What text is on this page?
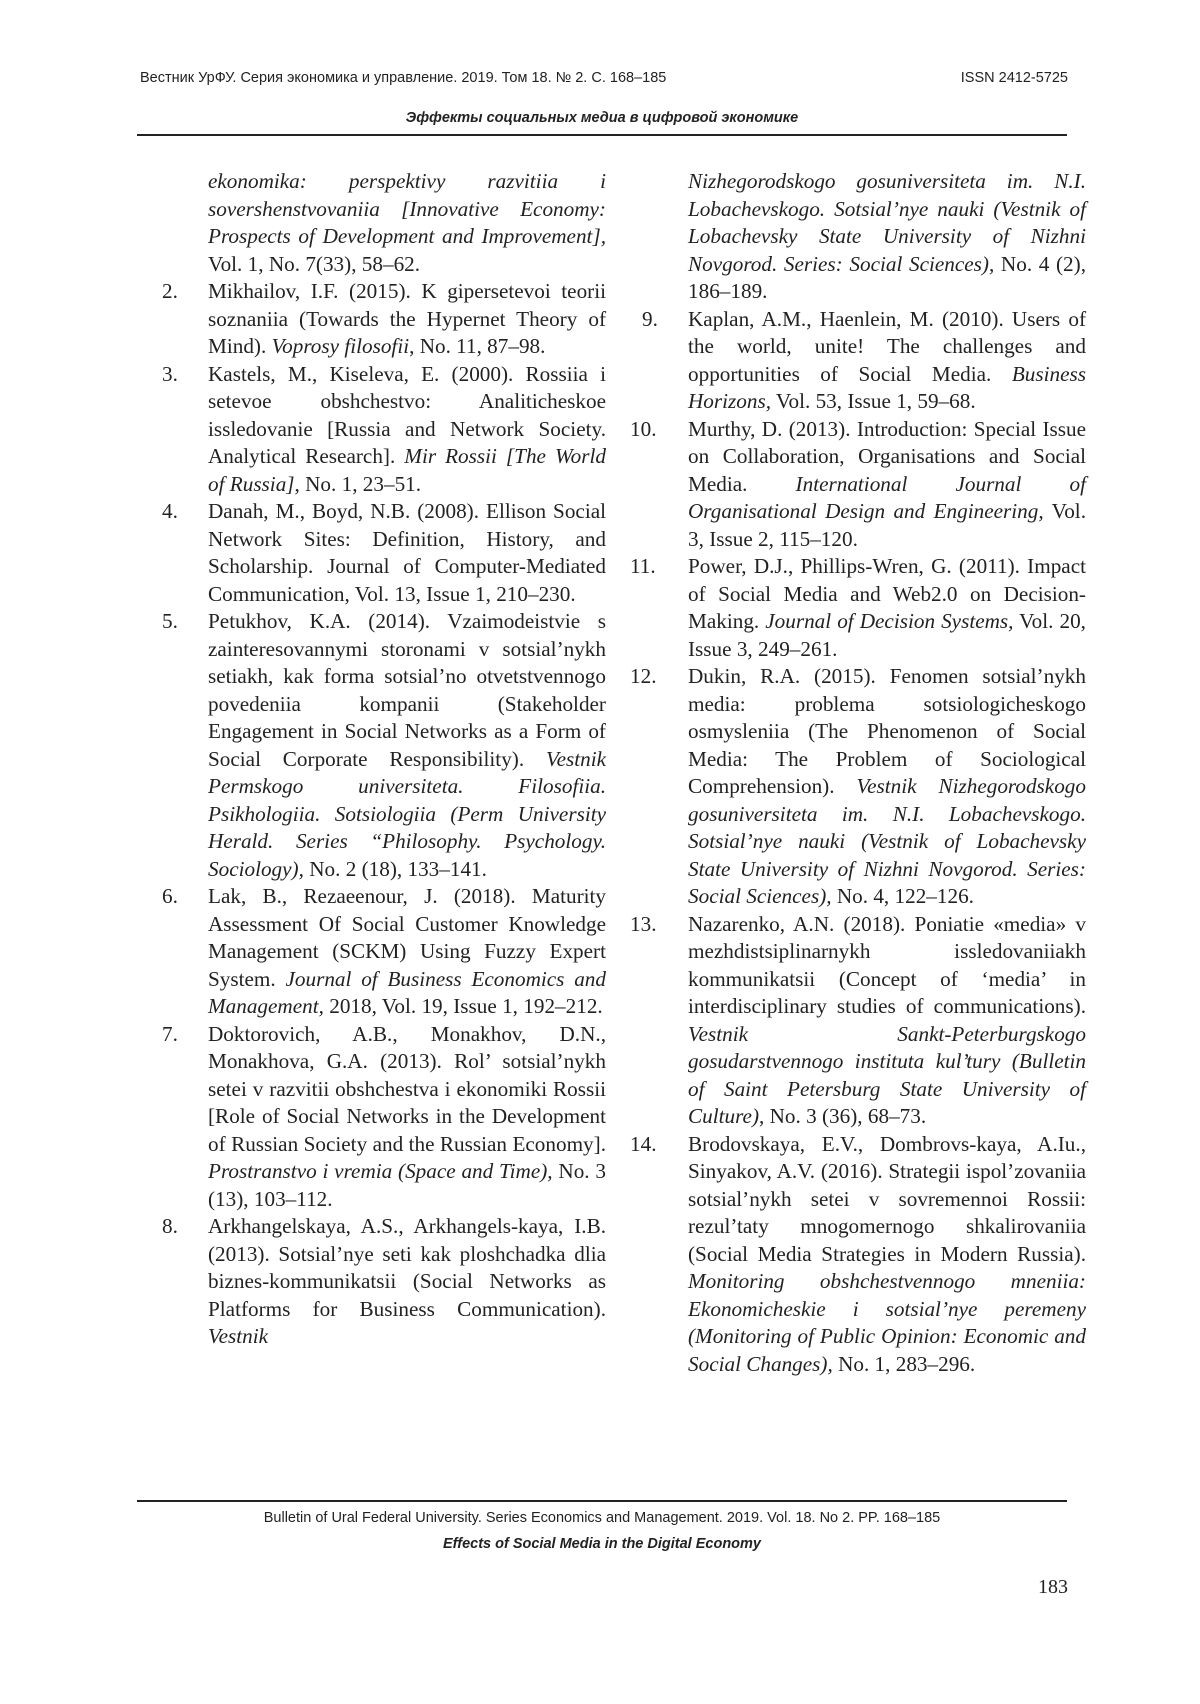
Вестник УрФУ. Серия экономика и управление. 2019. Том 18. № 2. С. 168–185	ISSN 2412-5725
Эффекты социальных медиа в цифровой экономике
ekonomika: perspektivy razvitiia i sovershenstvovaniia [Innovative Economy: Prospects of Development and Improvement], Vol. 1, No. 7(33), 58–62.
2. Mikhailov, I.F. (2015). K gipersetevoi teorii soznaniia (Towards the Hypernet Theory of Mind). Voprosy filosofii, No. 11, 87–98.
3. Kastels, M., Kiseleva, E. (2000). Rossiia i setevoe obshchestvo: Analiticheskoe issledovanie [Russia and Network Society. Analytical Research]. Mir Rossii [The World of Russia], No. 1, 23–51.
4. Danah, M., Boyd, N.B. (2008). Ellison Social Network Sites: Definition, History, and Scholarship. Journal of Computer-Mediated Communication, Vol. 13, Issue 1, 210–230.
5. Petukhov, K.A. (2014). Vzaimodeistvie s zainteresovannymi storonami v sotsial’nykh setiakh, kak forma sotsial’no otvetstvennogo povedeniia kompanii (Stakeholder Engagement in Social Networks as a Form of Social Corporate Responsibility). Vestnik Permskogo universiteta. Filosofiia. Psikhologiia. Sotsiologiia (Perm University Herald. Series “Philosophy. Psychology. Sociology), No. 2 (18), 133–141.
6. Lak, B., Rezaeenour, J. (2018). Maturity Assessment Of Social Customer Knowledge Management (SCKM) Using Fuzzy Expert System. Journal of Business Economics and Management, 2018, Vol. 19, Issue 1, 192–212.
7. Doktorovich, A.B., Monakhov, D.N., Monakhova, G.A. (2013). Rol’ sotsial’nykh setei v razvitii obshchestva i ekonomiki Rossii [Role of Social Networks in the Development of Russian Society and the Russian Economy]. Prostranstvo i vremia (Space and Time), No. 3 (13), 103–112.
8. Arkhangelskaya, A.S., Arkhangels-kaya, I.B. (2013). Sotsial’nye seti kak ploshchadka dlia biznes-kommunikatsii (Social Networks as Platforms for Business Communication). Vestnik
Nizhegorodskogo gosuniversiteta im. N.I. Lobachevskogo. Sotsial’nye nauki (Vestnik of Lobachevsky State University of Nizhni Novgorod. Series: Social Sciences), No. 4 (2), 186–189.
9. Kaplan, A.M., Haenlein, M. (2010). Users of the world, unite! The challenges and opportunities of Social Media. Business Horizons, Vol. 53, Issue 1, 59–68.
10. Murthy, D. (2013). Introduction: Special Issue on Collaboration, Organisations and Social Media. International Journal of Organisational Design and Engineering, Vol. 3, Issue 2, 115–120.
11. Power, D.J., Phillips-Wren, G. (2011). Impact of Social Media and Web2.0 on Decision-Making. Journal of Decision Systems, Vol. 20, Issue 3, 249–261.
12. Dukin, R.A. (2015). Fenomen sotsial’nykh media: problema sotsiologicheskogo osmysleniia (The Phenomenon of Social Media: The Problem of Sociological Comprehension). Vestnik Nizhegorodskogo gosuniversiteta im. N.I. Lobachevskogo. Sotsial’nye nauki (Vestnik of Lobachevsky State University of Nizhni Novgorod. Series: Social Sciences), No. 4, 122–126.
13. Nazarenko, A.N. (2018). Poniatie «media» v mezhdistsiplinarnykh issledovaniiakh kommunikatsii (Concept of ‘media’ in interdisciplinary studies of communications). Vestnik Sankt-Peterburgskogo gosudarstvennogo instituta kul’tury (Bulletin of Saint Petersburg State University of Culture), No. 3 (36), 68–73.
14. Brodovskaya, E.V., Dombrovs-kaya, A.Iu., Sinyakov, A.V. (2016). Strategii ispol’zovaniia sotsial’nykh setei v sovremennoi Rossii: rezul’taty mnogomernogo shkalirovaniia (Social Media Strategies in Modern Russia). Monitoring obshchestvennogo mneniia: Ekonomicheskie i sotsial’nye peremeny (Monitoring of Public Opinion: Economic and Social Changes), No. 1, 283–296.
Bulletin of Ural Federal University. Series Economics and Management. 2019. Vol. 18. No 2. PP. 168–185
Effects of Social Media in the Digital Economy
183
